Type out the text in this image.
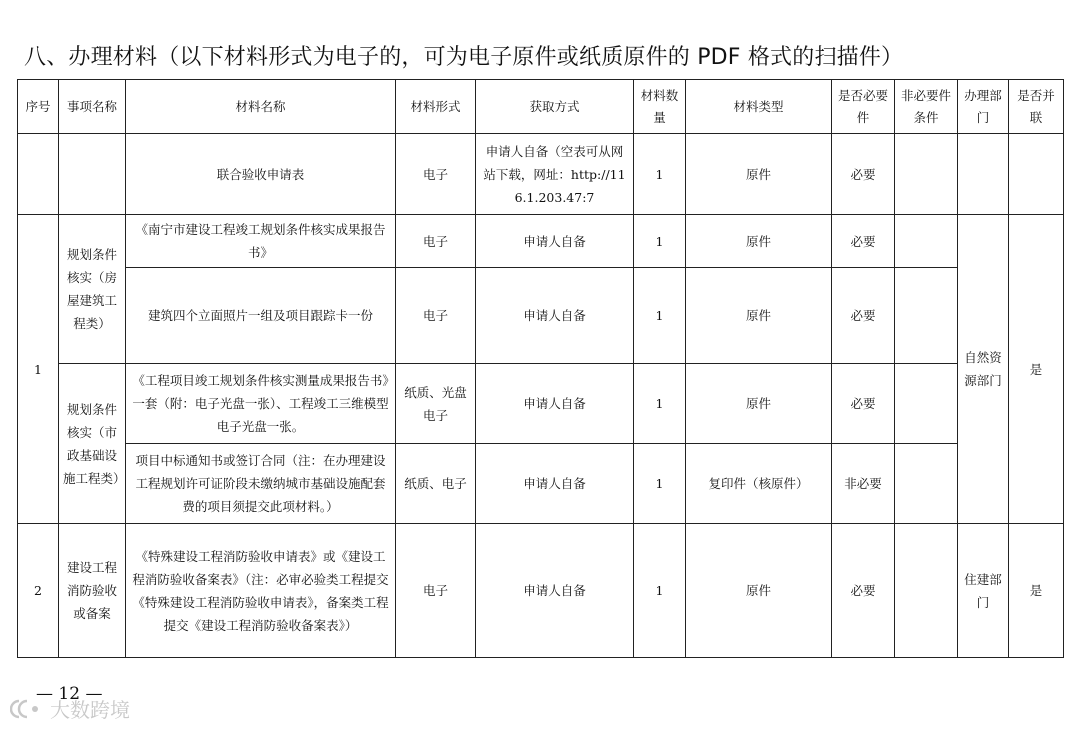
八、办理材料（以下材料形式为电子的，可为电子原件或纸质原件的 PDF 格式的扫描件）
序号	事项名称	材料名称	材料形式	获取方式	材料数量	材料类型	是否必要件	非必要件条件	办理部门	是否并联
		联合验收申请表	电子	申请人自备（空表可从网站下载，网址：http://116.1.203.47:7	1	原件	必要			
1	规划条件核实（房屋建筑工程类）	《南宁市建设工程竣工规划条件核实成果报告书》	电子	申请人自备	1	原件	必要		自然资源部门	是
		建筑四个立面照片一组及项目跟踪卡一份	电子	申请人自备	1	原件	必要			
	规划条件核实（市政基础设施工程类）	《工程项目竣工规划条件核实测量成果报告书》一套（附：电子光盘一张）、工程竣工三维模型电子光盘一张。	纸质、光盘电子	申请人自备	1	原件	必要			
		项目中标通知书或签订合同（注：在办理建设工程规划许可证阶段未缴纳城市基础设施配套费的项目须提交此项材料。）	纸质、电子	申请人自备	1	复印件（核原件）	非必要			
2	建设工程消防验收或备案	《特殊建设工程消防验收申请表》或《建设工程消防验收备案表》（注：必审必验类工程提交《特殊建设工程消防验收申请表》，备案类工程提交《建设工程消防验收备案表》）	电子	申请人自备	1	原件	必要		住建部门	是
— 12 —
大数跨境
